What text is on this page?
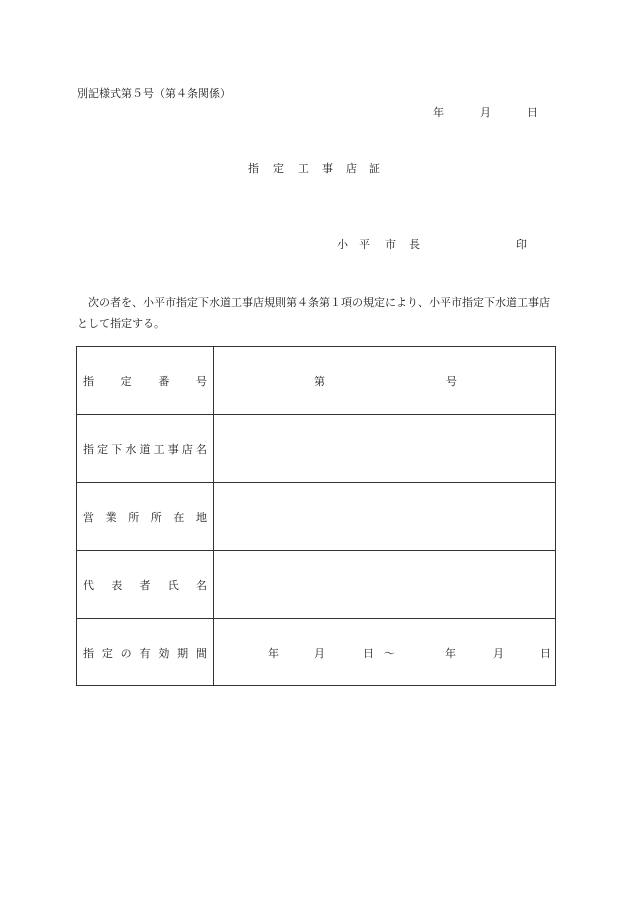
別記様式第５号（第４条関係）
年	月	日
指 定 工 事 店 証
小 平 市 長	印
次の者を、小平市指定下水道工事店規則第４条第１項の規定により、小平市指定下水道工事店として指定する。
指 定 番 号	第	号
指 定 下 水 道 工 事 店 名
営 業 所 所 在 地
代 表 者 氏 名
指 定 の 有 効 期 間	年	月	日 ～	年	月	日
